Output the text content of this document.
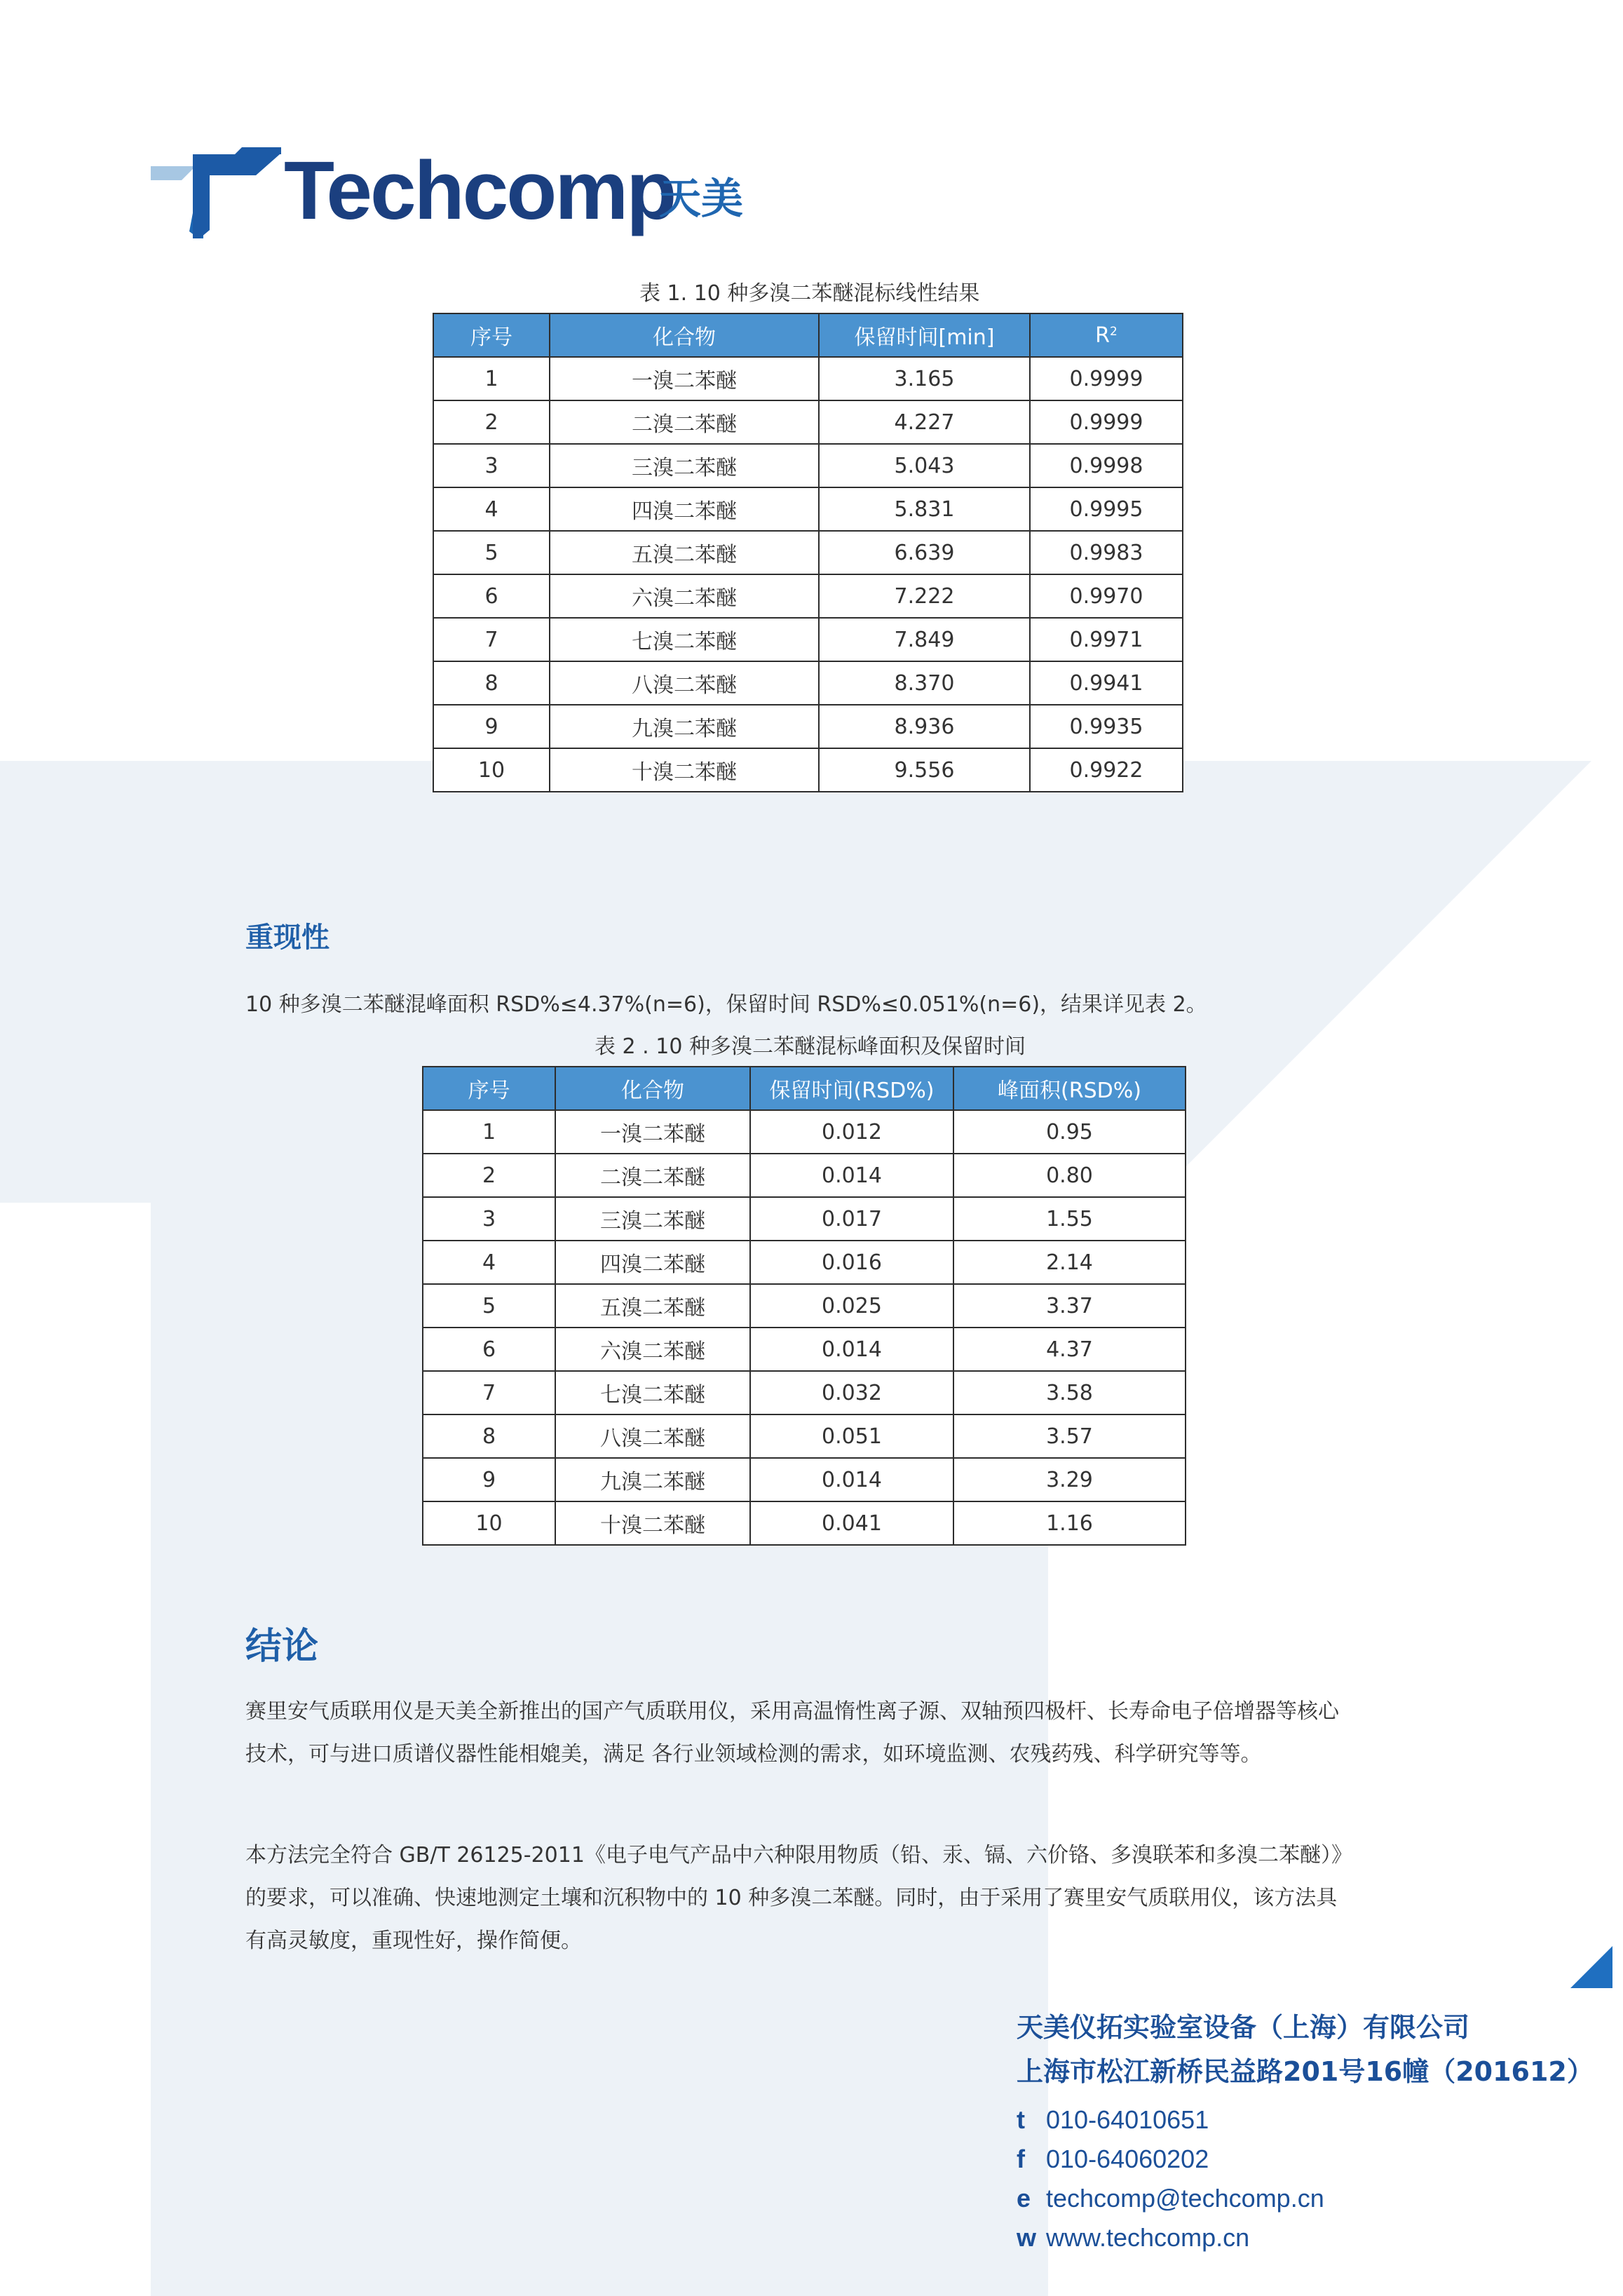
Techcomp
天美
表 1. 10 种多溴二苯醚混标线性结果
序号	化合物	保留时间[min]	$R^2$
1	一溴二苯醚	3.165	0.9999
2	二溴二苯醚	4.227	0.9999
3	三溴二苯醚	5.043	0.9998
4	四溴二苯醚	5.831	0.9995
5	五溴二苯醚	6.639	0.9983
6	六溴二苯醚	7.222	0.9970
7	七溴二苯醚	7.849	0.9971
8	八溴二苯醚	8.370	0.9941
9	九溴二苯醚	8.936	0.9935
10	十溴二苯醚	9.556	0.9922
重现性
10 种多溴二苯醚混峰面积 RSD%≤4.37%(n=6)，保留时间 RSD%≤0.051%(n=6)，结果详见表 2。
表 2 . 10 种多溴二苯醚混标峰面积及保留时间
序号	化合物	保留时间(RSD%)	峰面积(RSD%)
1	一溴二苯醚	0.012	0.95
2	二溴二苯醚	0.014	0.80
3	三溴二苯醚	0.017	1.55
4	四溴二苯醚	0.016	2.14
5	五溴二苯醚	0.025	3.37
6	六溴二苯醚	0.014	4.37
7	七溴二苯醚	0.032	3.58
8	八溴二苯醚	0.051	3.57
9	九溴二苯醚	0.014	3.29
10	十溴二苯醚	0.041	1.16
结论
赛里安气质联用仪是天美全新推出的国产气质联用仪，采用高温惰性离子源、双轴预四极杆、长寿命电子倍增器等核心
技术，可与进口质谱仪器性能相媲美，满足 各行业领域检测的需求，如环境监测、农残药残、科学研究等等。
本方法完全符合 GB/T 26125-2011《电子电气产品中六种限用物质（铅、汞、镉、六价铬、多溴联苯和多溴二苯醚）》
的要求，可以准确、快速地测定土壤和沉积物中的 10 种多溴二苯醚。同时，由于采用了赛里安气质联用仪，该方法具
有高灵敏度，重现性好，操作简便。
天美仪拓实验室设备（上海）有限公司
上海市松江新桥民益路201号16幢（201612）
t 010-64010651
f 010-64060202
e techcomp@techcomp.cn
w www.techcomp.cn
